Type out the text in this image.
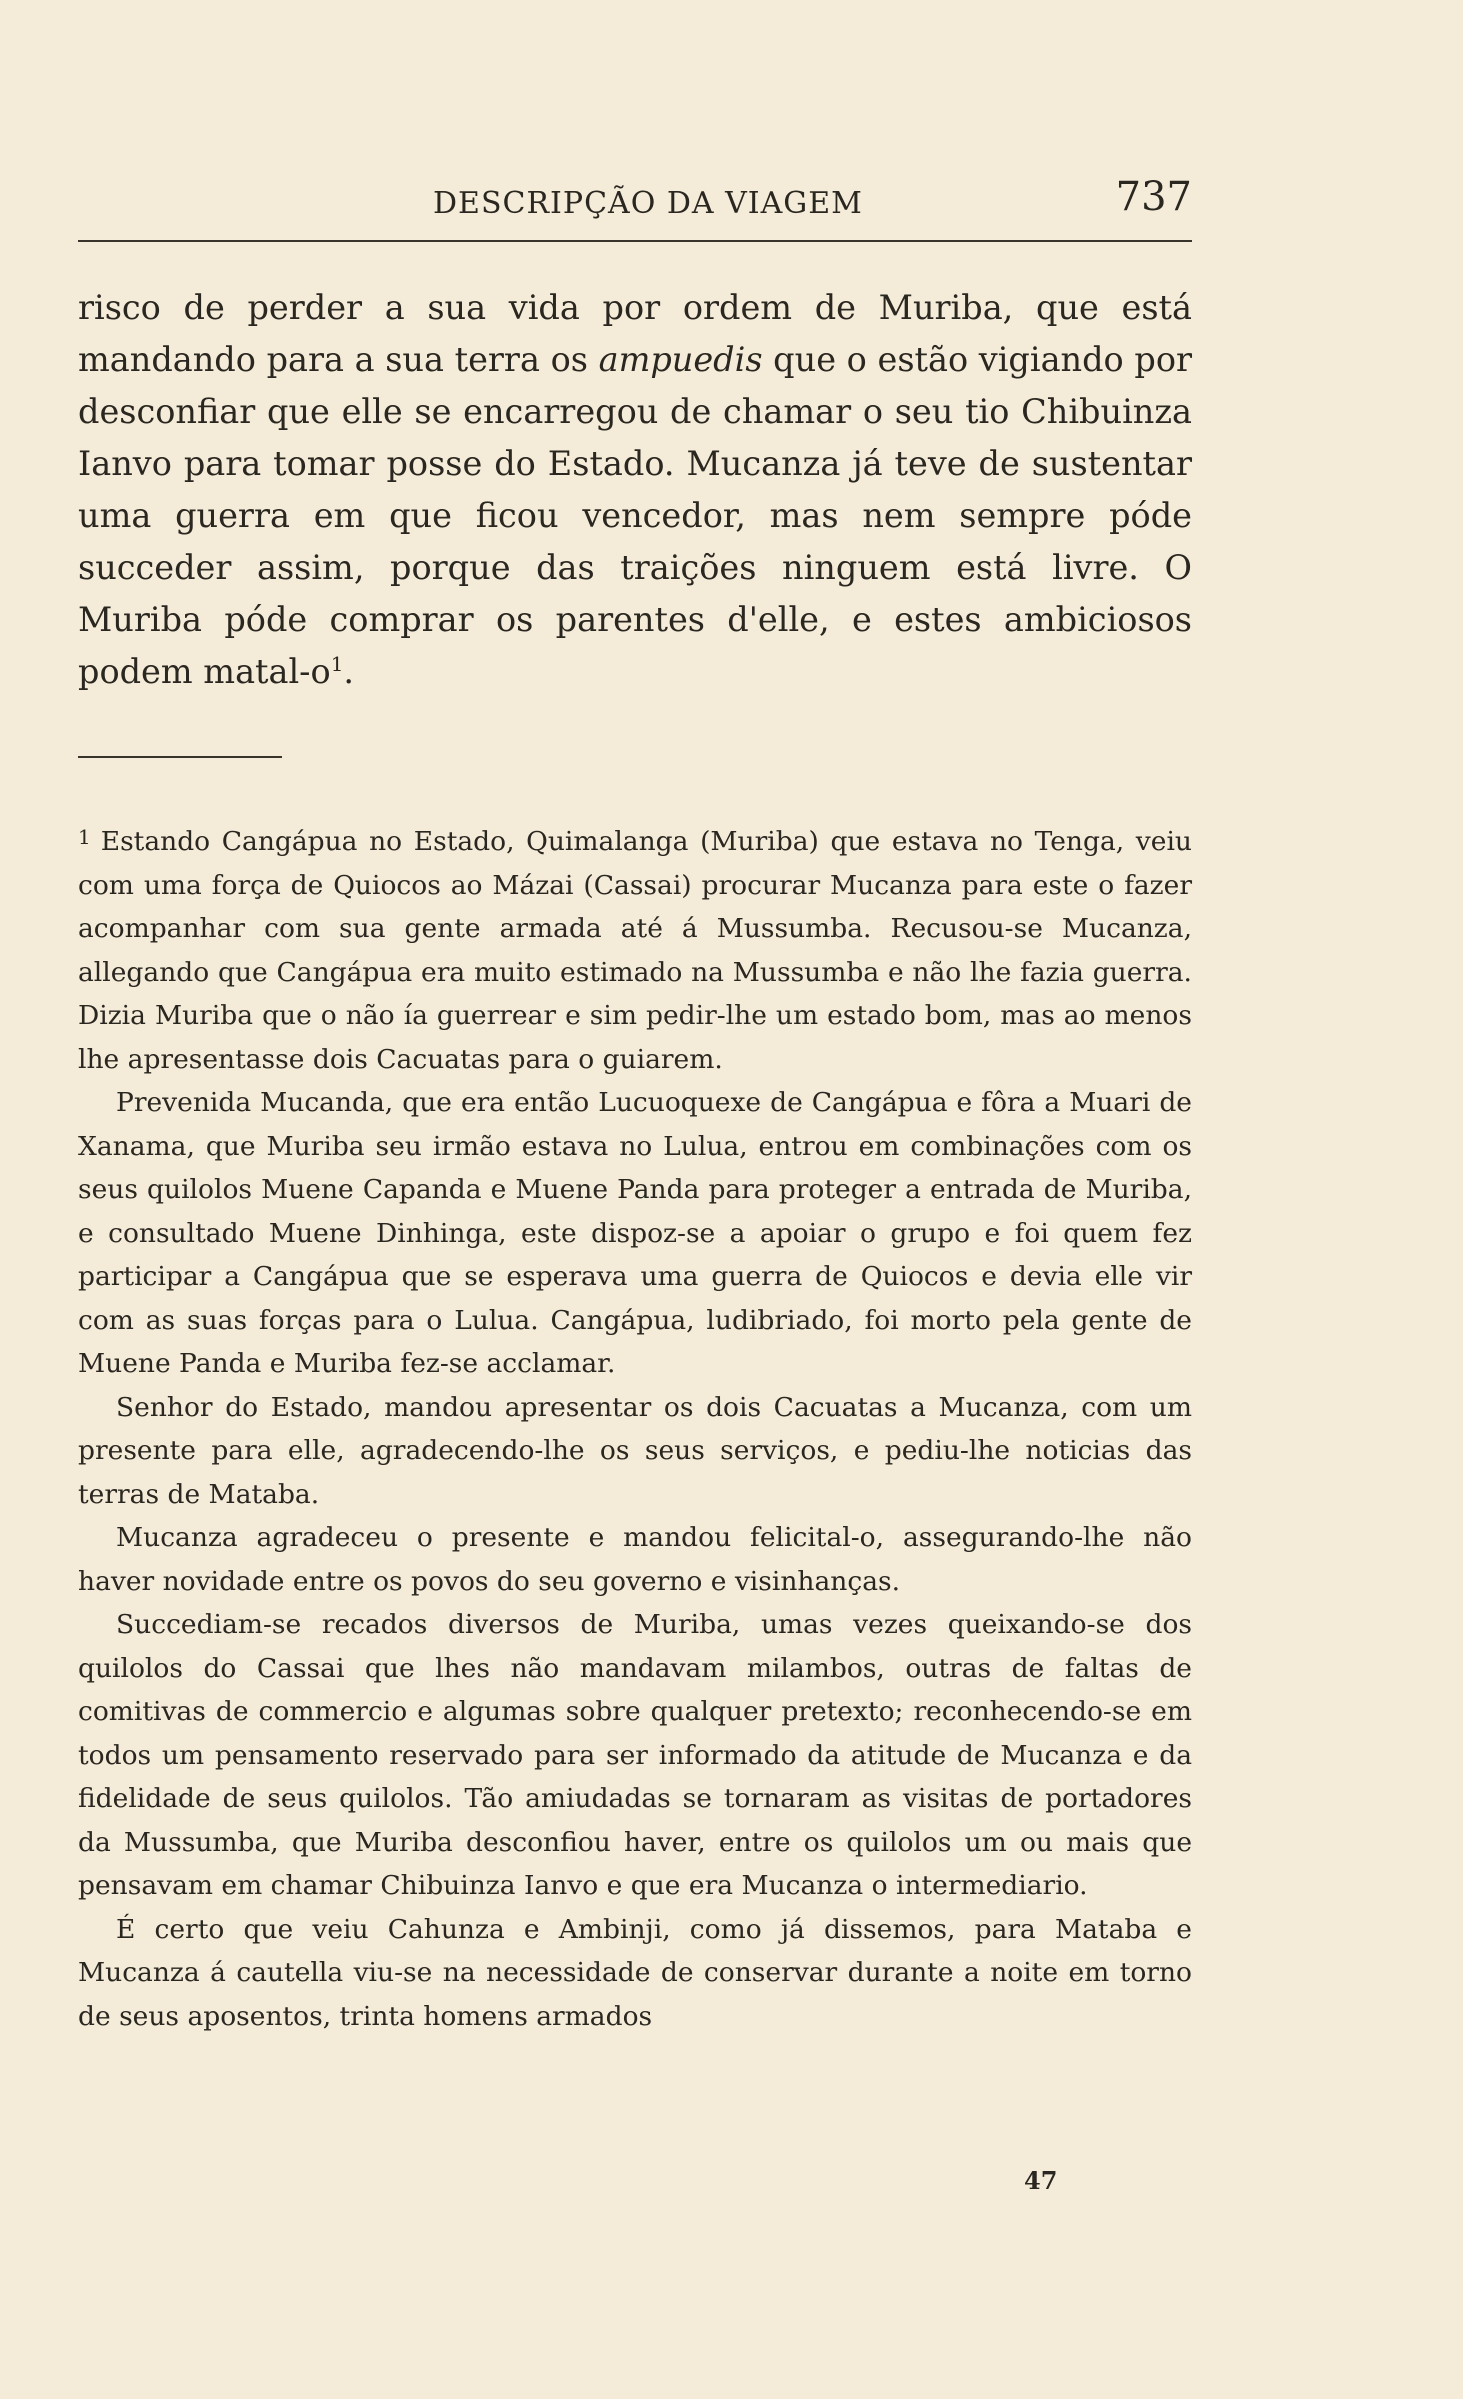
DESCRIPÇÃO DA VIAGEM	737

risco de perder a sua vida por ordem de Muriba, que está mandando para a sua terra os ampuedis que o estão vigiando por desconfiar que elle se encarregou de chamar o seu tio Chibuinza Ianvo para tomar posse do Estado. Mucanza já teve de sustentar uma guerra em que ficou vencedor, mas nem sempre póde succeder assim, porque das traições ninguem está livre. O Muriba póde comprar os parentes d'elle, e estes ambiciosos podem matal-$o^1$.

$^1$ Estando Cangápua no Estado, Quimalanga (Muriba) que estava no Tenga, veiu com uma força de Quiocos ao Mázai (Cassai) procurar Mucanza para este o fazer acompanhar com sua gente armada até á Mussumba. Recusou-se Mucanza, allegando que Cangápua era muito estimado na Mussumba e não lhe fazia guerra. Dizia Muriba que o não ía guerrear e sim pedir-lhe um estado bom, mas ao menos lhe apresentasse dois Cacuatas para o guiarem.

Prevenida Mucanda, que era então Lucuoquexe de Cangápua e fôra a Muari de Xanama, que Muriba seu irmão estava no Lulua, entrou em combinações com os seus quilolos Muene Capanda e Muene Panda para proteger a entrada de Muriba, e consultado Muene Dinhinga, este dispoz-se a apoiar o grupo e foi quem fez participar a Cangápua que se esperava uma guerra de Quiocos e devia elle vir com as suas forças para o Lulua. Cangápua, ludibriado, foi morto pela gente de Muene Panda e Muriba fez-se acclamar.

Senhor do Estado, mandou apresentar os dois Cacuatas a Mucanza, com um presente para elle, agradecendo-lhe os seus serviços, e pediu-lhe noticias das terras de Mataba.

Mucanza agradeceu o presente e mandou felicital-o, assegurando-lhe não haver novidade entre os povos do seu governo e visinhanças.

Succediam-se recados diversos de Muriba, umas vezes queixando-se dos quilolos do Cassai que lhes não mandavam milambos, outras de faltas de comitivas de commercio e algumas sobre qualquer pretexto; reconhecendo-se em todos um pensamento reservado para ser informado da atitude de Mucanza e da fidelidade de seus quilolos. Tão amiudadas se tornaram as visitas de portadores da Mussumba, que Muriba desconfiou haver, entre os quilolos um ou mais que pensavam em chamar Chibuinza Ianvo e que era Mucanza o intermediario.

É certo que veiu Cahunza e Ambinji, como já dissemos, para Mataba e Mucanza á cautella viu-se na necessidade de conservar durante a noite em torno de seus aposentos, trinta homens armados

47
